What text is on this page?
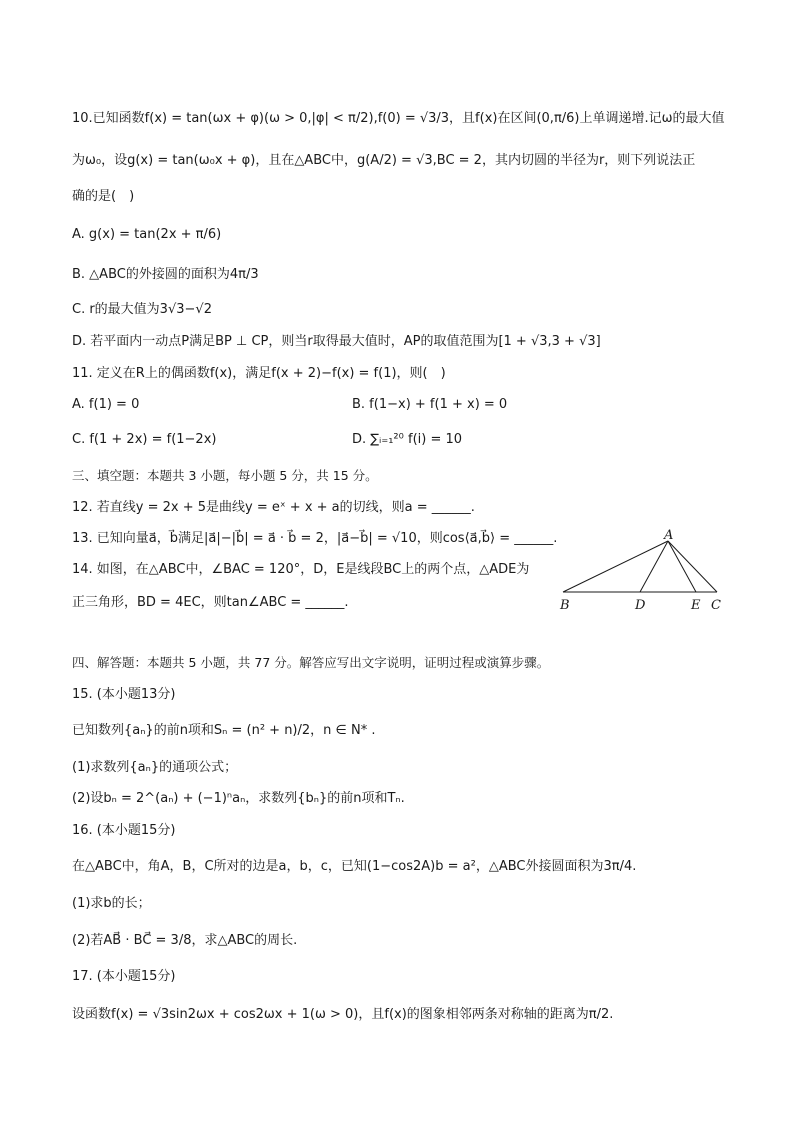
10.已知函数f(x) = tan(ωx + φ)(ω > 0,|φ| < π/2),f(0) = √3/3，且f(x)在区间(0,π/6)上单调递增.记ω的最大值
为ω₀，设g(x) = tan(ω₀x + φ)，且在△ABC中，g(A/2) = √3,BC = 2，其内切圆的半径为r，则下列说法正
确的是(　)
A. g(x) = tan(2x + π/6)
B. △ABC的外接圆的面积为4π/3
C. r的最大值为3√3−√2
D. 若平面内一动点P满足BP ⊥ CP，则当r取得最大值时，AP的取值范围为[1 + √3,3 + √3]
11. 定义在R上的偶函数f(x)，满足f(x + 2)−f(x) = f(1)，则(　)
A. f(1) = 0	B. f(1−x) + f(1 + x) = 0
C. f(1 + 2x) = f(1−2x)	D. ∑ᵢ₌₁²⁰ f(i) = 10
三、填空题：本题共 3 小题，每小题 5 分，共 15 分。
12. 若直线y = 2x + 5是曲线y = eˣ + x + a的切线，则a = ______.
13. 已知向量a⃗，b⃗满足|a⃗|−|b⃗| = a⃗ · b⃗ = 2，|a⃗−b⃗| = √10，则cos⟨a⃗,b⃗⟩ = ______.
14. 如图，在△ABC中，∠BAC = 120°，D，E是线段BC上的两个点，△ADE为
正三角形，BD = 4EC，则tan∠ABC = ______.
A
B	D	E C
四、解答题：本题共 5 小题，共 77 分。解答应写出文字说明，证明过程或演算步骤。
15. (本小题13分)
已知数列{aₙ}的前n项和Sₙ = (n² + n)/2，n ∈ N* .
(1)求数列{aₙ}的通项公式；
(2)设bₙ = 2^(aₙ) + (−1)ⁿaₙ，求数列{bₙ}的前n项和Tₙ.
16. (本小题15分)
在△ABC中，角A，B，C所对的边是a，b，c，已知(1−cos2A)b = a²，△ABC外接圆面积为3π/4.
(1)求b的长；
(2)若AB⃗ · BC⃗ = 3/8，求△ABC的周长.
17. (本小题15分)
设函数f(x) = √3sin2ωx + cos2ωx + 1(ω > 0)，且f(x)的图象相邻两条对称轴的距离为π/2.
